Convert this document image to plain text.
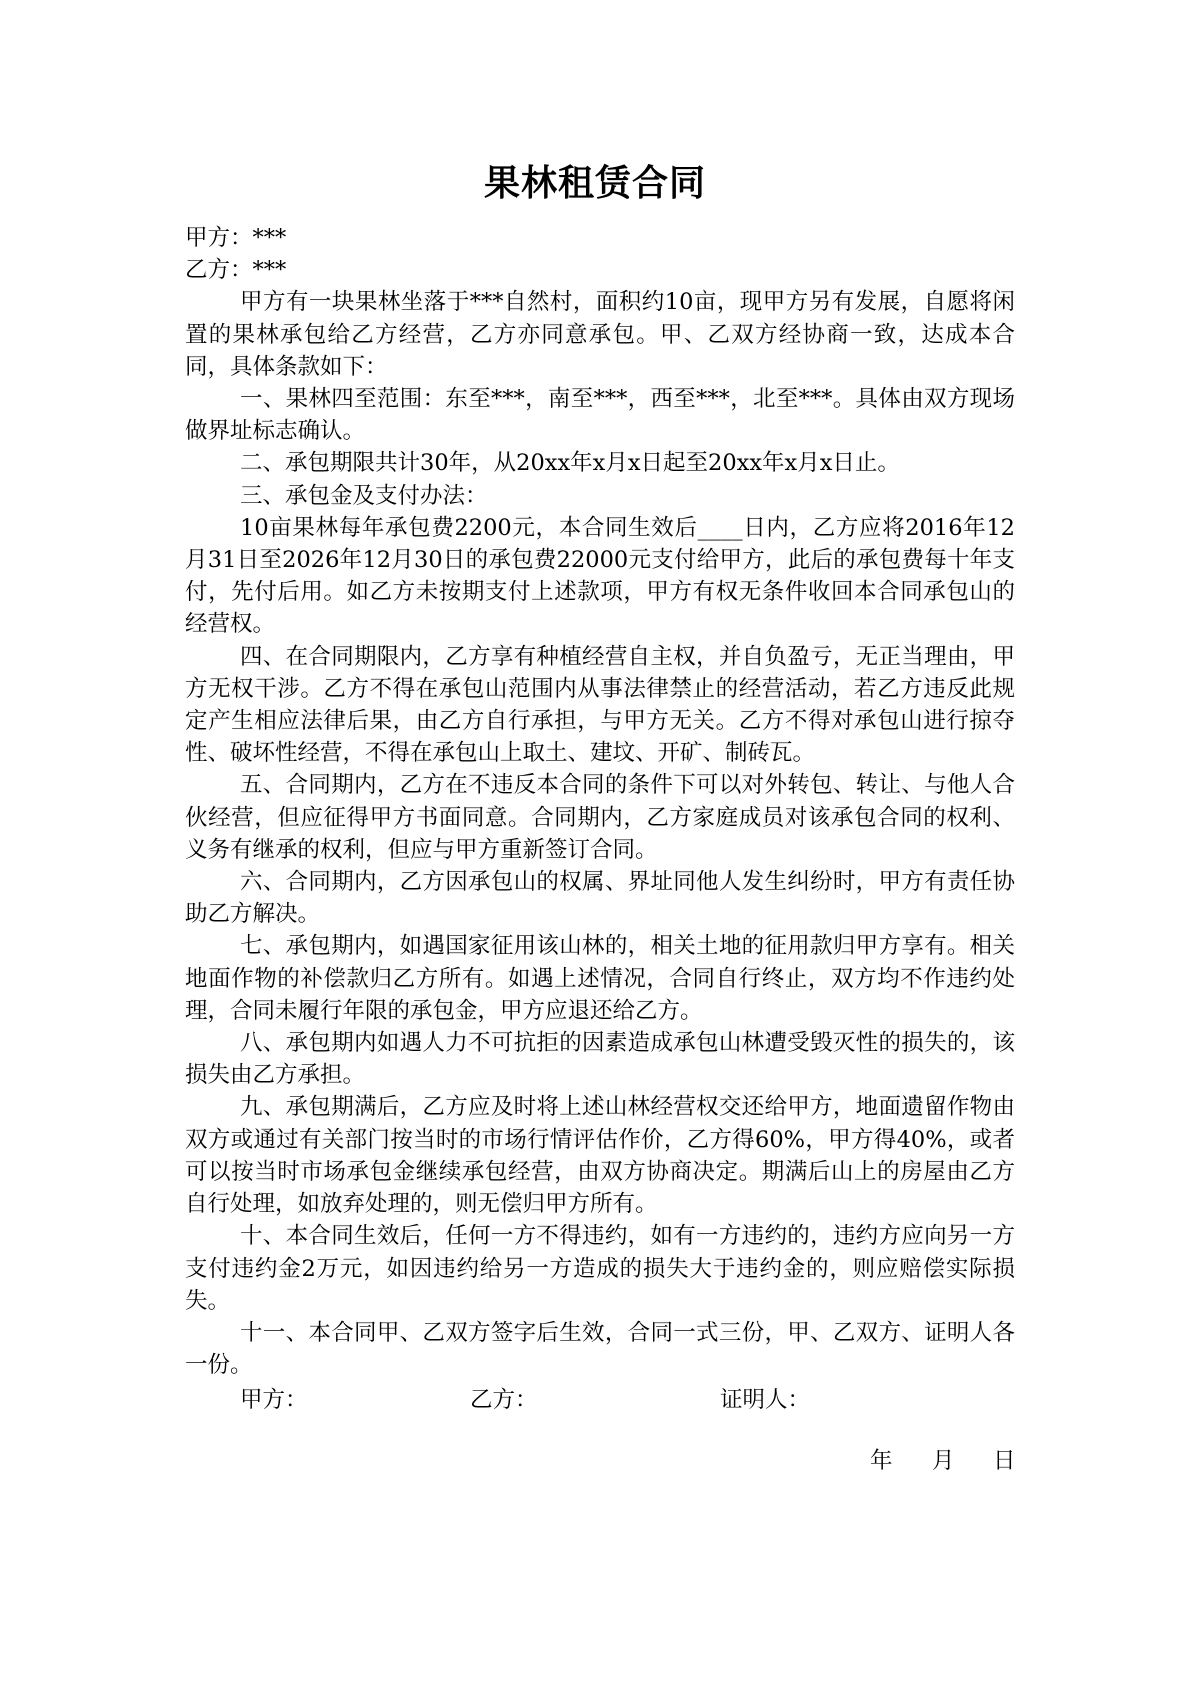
果林租赁合同

甲方：***

乙方：***

甲方有一块果林坐落于***自然村，面积约10亩，现甲方另有发展，自愿将闲置的果林承包给乙方经营，乙方亦同意承包。甲、乙双方经协商一致，达成本合同，具体条款如下：

一、果林四至范围：东至***，南至***，西至***，北至***。具体由双方现场做界址标志确认。

二、承包期限共计30年，从20xx年x月x日起至20xx年x月x日止。

三、承包金及支付办法：

10亩果林每年承包费2200元，本合同生效后____日内，乙方应将2016年12月31日至2026年12月30日的承包费22000元支付给甲方，此后的承包费每十年支付，先付后用。如乙方未按期支付上述款项，甲方有权无条件收回本合同承包山的经营权。

四、在合同期限内，乙方享有种植经营自主权，并自负盈亏，无正当理由，甲方无权干涉。乙方不得在承包山范围内从事法律禁止的经营活动，若乙方违反此规定产生相应法律后果，由乙方自行承担，与甲方无关。乙方不得对承包山进行掠夺性、破坏性经营，不得在承包山上取土、建坟、开矿、制砖瓦。

五、合同期内，乙方在不违反本合同的条件下可以对外转包、转让、与他人合伙经营，但应征得甲方书面同意。合同期内，乙方家庭成员对该承包合同的权利、义务有继承的权利，但应与甲方重新签订合同。

六、合同期内，乙方因承包山的权属、界址同他人发生纠纷时，甲方有责任协助乙方解决。

七、承包期内，如遇国家征用该山林的，相关土地的征用款归甲方享有。相关地面作物的补偿款归乙方所有。如遇上述情况，合同自行终止，双方均不作违约处理，合同未履行年限的承包金，甲方应退还给乙方。

八、承包期内如遇人力不可抗拒的因素造成承包山林遭受毁灭性的损失的，该损失由乙方承担。

九、承包期满后，乙方应及时将上述山林经营权交还给甲方，地面遗留作物由双方或通过有关部门按当时的市场行情评估作价，乙方得60%，甲方得40%，或者可以按当时市场承包金继续承包经营，由双方协商决定。期满后山上的房屋由乙方自行处理，如放弃处理的，则无偿归甲方所有。

十、本合同生效后，任何一方不得违约，如有一方违约的，违约方应向另一方支付违约金2万元，如因违约给另一方造成的损失大于违约金的，则应赔偿实际损失。

十一、本合同甲、乙双方签字后生效，合同一式三份，甲、乙双方、证明人各一份。

甲方：	乙方：	证明人：
年 月 日
